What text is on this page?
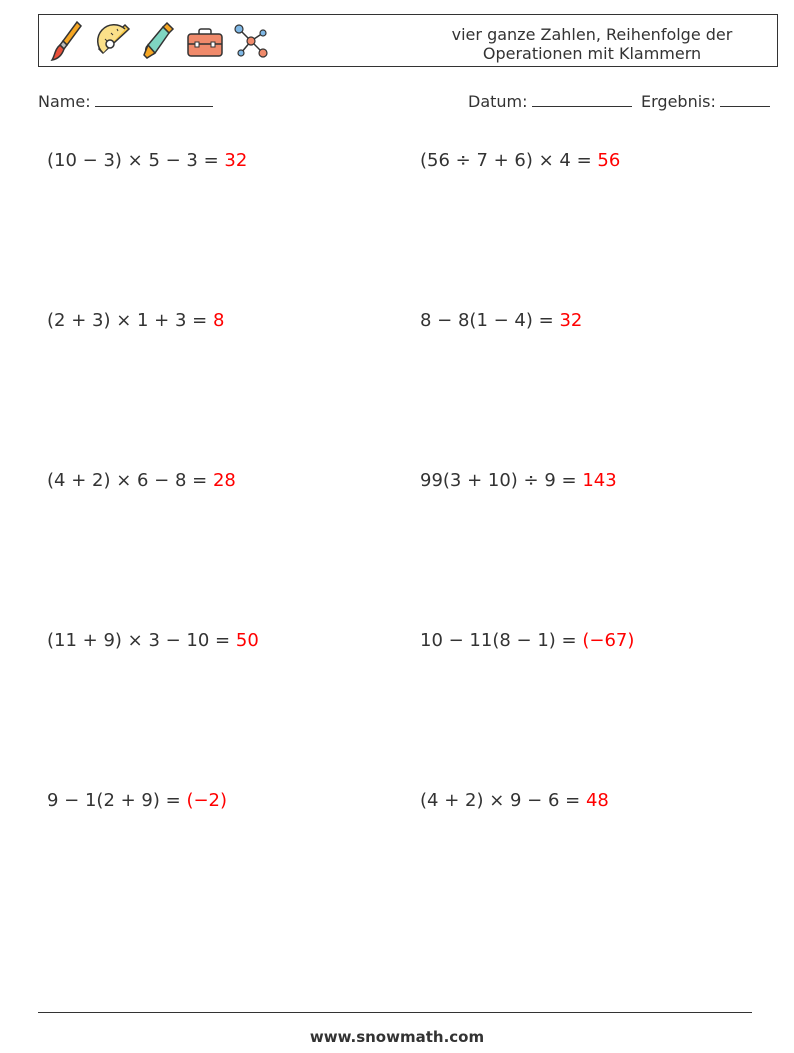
vier ganze Zahlen, Reihenfolge der
Operationen mit Klammern
Name:	Datum:	Ergebnis:
(10 − 3) × 5 − 3 = 32	(56 ÷ 7 + 6) × 4 = 56
(2 + 3) × 1 + 3 = 8	8 − 8(1 − 4) = 32
(4 + 2) × 6 − 8 = 28	99(3 + 10) ÷ 9 = 143
(11 + 9) × 3 − 10 = 50	10 − 11(8 − 1) = (−67)
9 − 1(2 + 9) = (−2)	(4 + 2) × 9 − 6 = 48
www.snowmath.com
